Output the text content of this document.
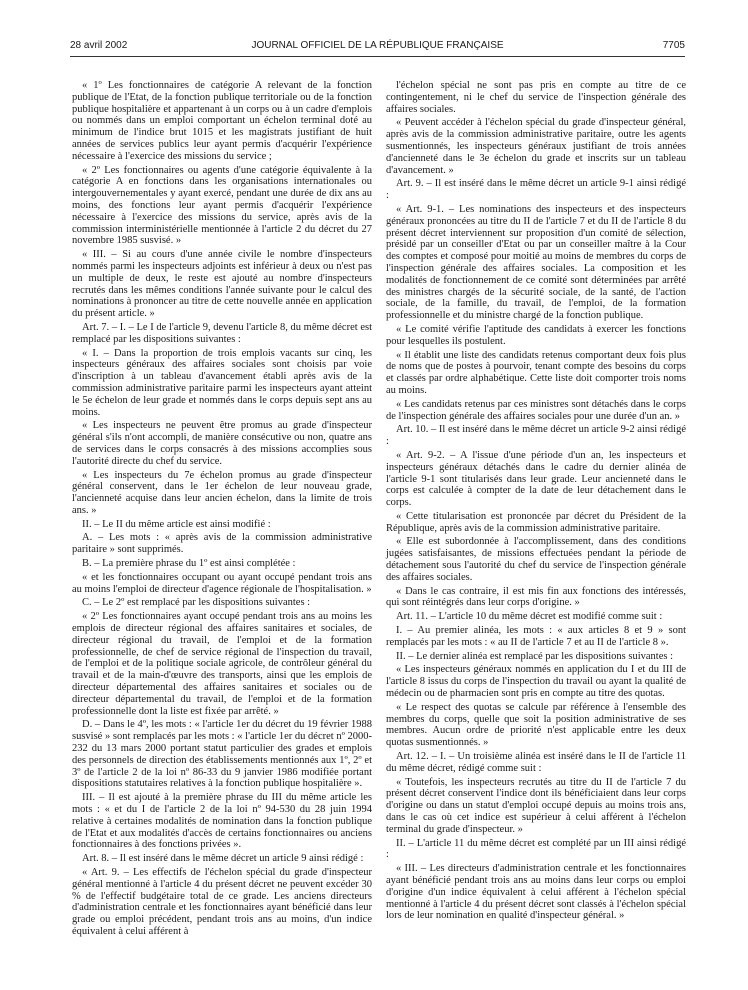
28 avril 2002	JOURNAL OFFICIEL DE LA RÉPUBLIQUE FRANÇAISE	7705

« 1º Les fonctionnaires de catégorie A relevant de la fonction publique de l'Etat, de la fonction publique territoriale ou de la fonction publique hospitalière et appartenant à un corps ou à un cadre d'emplois ou nommés dans un emploi comportant un échelon terminal doté au minimum de l'indice brut 1015 et les magistrats justifiant de huit années de services publics leur ayant permis d'acquérir l'expérience nécessaire à l'exercice des missions du service ;

« 2º Les fonctionnaires ou agents d'une catégorie équivalente à la catégorie A en fonctions dans les organisations internationales ou intergouvernementales y ayant exercé, pendant une durée de dix ans au moins, des fonctions leur ayant permis d'acquérir l'expérience nécessaire à l'exercice des missions du service, après avis de la commission interministérielle mentionnée à l'article 2 du décret du 27 novembre 1985 susvisé. »

« III. – Si au cours d'une année civile le nombre d'inspecteurs nommés parmi les inspecteurs adjoints est inférieur à deux ou n'est pas un multiple de deux, le reste est ajouté au nombre d'inspecteurs recrutés dans les mêmes conditions l'année suivante pour le calcul des nominations à prononcer au titre de cette nouvelle année en application du présent article. »

Art. 7. – I. – Le I de l'article 9, devenu l'article 8, du même décret est remplacé par les dispositions suivantes :

« I. – Dans la proportion de trois emplois vacants sur cinq, les inspecteurs généraux des affaires sociales sont choisis par voie d'inscription à un tableau d'avancement établi après avis de la commission administrative paritaire parmi les inspecteurs ayant atteint le 5e échelon de leur grade et nommés dans le corps depuis sept ans au moins.

« Les inspecteurs ne peuvent être promus au grade d'inspecteur général s'ils n'ont accompli, de manière consécutive ou non, quatre ans de services dans le corps consacrés à des missions accomplies sous l'autorité directe du chef du service.

« Les inspecteurs du 7e échelon promus au grade d'inspecteur général conservent, dans le 1er échelon de leur nouveau grade, l'ancienneté acquise dans leur ancien échelon, dans la limite de trois ans. »

II. – Le II du même article est ainsi modifié :

A. – Les mots : « après avis de la commission administrative paritaire » sont supprimés.

B. – La première phrase du 1º est ainsi complétée :

« et les fonctionnaires occupant ou ayant occupé pendant trois ans au moins l'emploi de directeur d'agence régionale de l'hospitalisation. »

C. – Le 2º est remplacé par les dispositions suivantes :

« 2º Les fonctionnaires ayant occupé pendant trois ans au moins les emplois de directeur régional des affaires sanitaires et sociales, de directeur régional du travail, de l'emploi et de la formation professionnelle, de chef de service régional de l'inspection du travail, de l'emploi et de la politique sociale agricole, de contrôleur général du travail et de la main-d'œuvre des transports, ainsi que les emplois de directeur départemental des affaires sanitaires et sociales ou de directeur départemental du travail, de l'emploi et de la formation professionnelle dont la liste est fixée par arrêté. »

D. – Dans le 4º, les mots : « l'article 1er du décret du 19 février 1988 susvisé » sont remplacés par les mots : « l'article 1er du décret nº 2000-232 du 13 mars 2000 portant statut particulier des grades et emplois des personnels de direction des établissements mentionnés aux 1º, 2º et 3º de l'article 2 de la loi nº 86-33 du 9 janvier 1986 modifiée portant dispositions statutaires relatives à la fonction publique hospitalière ».

III. – Il est ajouté à la première phrase du III du même article les mots : « et du I de l'article 2 de la loi nº 94-530 du 28 juin 1994 relative à certaines modalités de nomination dans la fonction publique de l'Etat et aux modalités d'accès de certains fonctionnaires ou anciens fonctionnaires à des fonctions privées ».

Art. 8. – Il est inséré dans le même décret un article 9 ainsi rédigé :

« Art. 9. – Les effectifs de l'échelon spécial du grade d'inspecteur général mentionné à l'article 4 du présent décret ne peuvent excéder 30 % de l'effectif budgétaire total de ce grade. Les anciens directeurs d'administration centrale et les fonctionnaires ayant bénéficié dans leur grade ou emploi précédent, pendant trois ans au moins, d'un indice équivalent à celui afférent à

l'échelon spécial ne sont pas pris en compte au titre de ce contingentement, ni le chef du service de l'inspection générale des affaires sociales.

« Peuvent accéder à l'échelon spécial du grade d'inspecteur général, après avis de la commission administrative paritaire, outre les agents susmentionnés, les inspecteurs généraux justifiant de trois années d'ancienneté dans le 3e échelon du grade et inscrits sur un tableau d'avancement. »

Art. 9. – Il est inséré dans le même décret un article 9-1 ainsi rédigé :

« Art. 9-1. – Les nominations des inspecteurs et des inspecteurs généraux prononcées au titre du II de l'article 7 et du II de l'article 8 du présent décret interviennent sur proposition d'un comité de sélection, présidé par un conseiller d'Etat ou par un conseiller maître à la Cour des comptes et composé pour moitié au moins de membres du corps de l'inspection générale des affaires sociales. La composition et les modalités de fonctionnement de ce comité sont déterminées par arrêté des ministres chargés de la sécurité sociale, de la santé, de l'action sociale, de la famille, du travail, de l'emploi, de la formation professionnelle et du ministre chargé de la fonction publique.

« Le comité vérifie l'aptitude des candidats à exercer les fonctions pour lesquelles ils postulent.

« Il établit une liste des candidats retenus comportant deux fois plus de noms que de postes à pourvoir, tenant compte des besoins du corps et classés par ordre alphabétique. Cette liste doit comporter trois noms au moins.

« Les candidats retenus par ces ministres sont détachés dans le corps de l'inspection générale des affaires sociales pour une durée d'un an. »

Art. 10. – Il est inséré dans le même décret un article 9-2 ainsi rédigé :

« Art. 9-2. – A l'issue d'une période d'un an, les inspecteurs et inspecteurs généraux détachés dans le cadre du dernier alinéa de l'article 9-1 sont titularisés dans leur grade. Leur ancienneté dans le corps est calculée à compter de la date de leur détachement dans le corps.

« Cette titularisation est prononcée par décret du Président de la République, après avis de la commission administrative paritaire.

« Elle est subordonnée à l'accomplissement, dans des conditions jugées satisfaisantes, de missions effectuées pendant la période de détachement sous l'autorité du chef du service de l'inspection générale des affaires sociales.

« Dans le cas contraire, il est mis fin aux fonctions des intéressés, qui sont réintégrés dans leur corps d'origine. »

Art. 11. – L'article 10 du même décret est modifié comme suit :

I. – Au premier alinéa, les mots : « aux articles 8 et 9 » sont remplacés par les mots : « au II de l'article 7 et au II de l'article 8 ».

II. – Le dernier alinéa est remplacé par les dispositions suivantes :

« Les inspecteurs généraux nommés en application du I et du III de l'article 8 issus du corps de l'inspection du travail ou ayant la qualité de médecin ou de pharmacien sont pris en compte au titre des quotas.

« Le respect des quotas se calcule par référence à l'ensemble des membres du corps, quelle que soit la position administrative de ses membres. Aucun ordre de priorité n'est applicable entre les deux quotas susmentionnés. »

Art. 12. – I. – Un troisième alinéa est inséré dans le II de l'article 11 du même décret, rédigé comme suit :

« Toutefois, les inspecteurs recrutés au titre du II de l'article 7 du présent décret conservent l'indice dont ils bénéficiaient dans leur corps d'origine ou dans un statut d'emploi occupé depuis au moins trois ans, dans le cas où cet indice est supérieur à celui afférent à l'échelon terminal du grade d'inspecteur. »

II. – L'article 11 du même décret est complété par un III ainsi rédigé :

« III. – Les directeurs d'administration centrale et les fonctionnaires ayant bénéficié pendant trois ans au moins dans leur corps ou emploi d'origine d'un indice équivalent à celui afférent à l'échelon spécial mentionné à l'article 4 du présent décret sont classés à l'échelon spécial lors de leur nomination en qualité d'inspecteur général. »
